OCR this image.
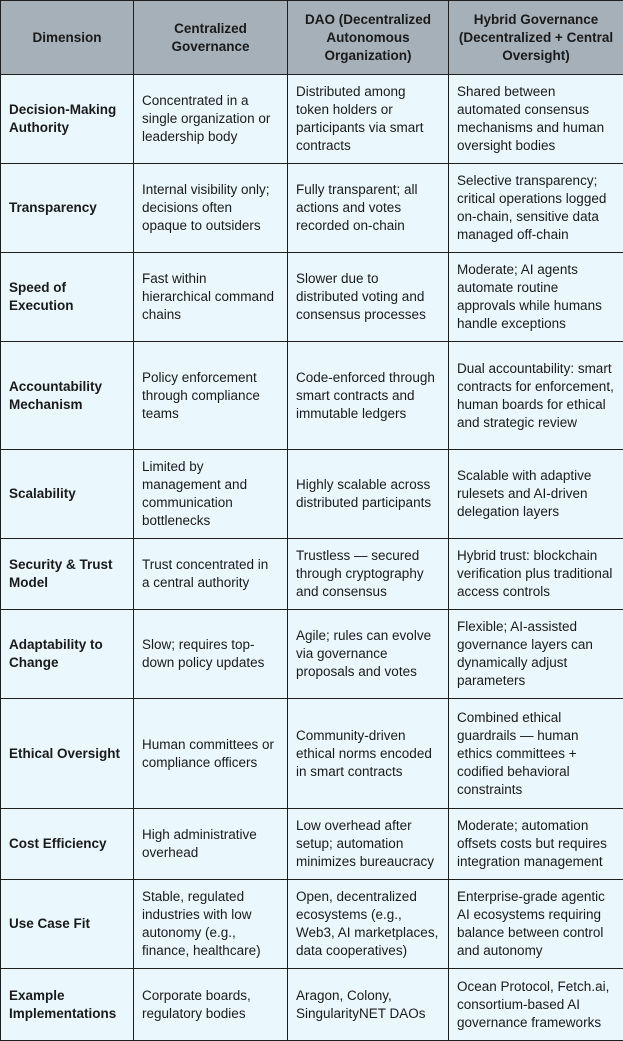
Dimension	Centralized Governance	DAO (Decentralized Autonomous Organization)	Hybrid Governance (Decentralized + Central Oversight)
Decision-Making Authority	Concentrated in a single organization or leadership body	Distributed among token holders or participants via smart contracts	Shared between automated consensus mechanisms and human oversight bodies
Transparency	Internal visibility only; decisions often opaque to outsiders	Fully transparent; all actions and votes recorded on-chain	Selective transparency; critical operations logged on-chain, sensitive data managed off-chain
Speed of Execution	Fast within hierarchical command chains	Slower due to distributed voting and consensus processes	Moderate; AI agents automate routine approvals while humans handle exceptions
Accountability Mechanism	Policy enforcement through compliance teams	Code-enforced through smart contracts and immutable ledgers	Dual accountability: smart contracts for enforcement, human boards for ethical and strategic review
Scalability	Limited by management and communication bottlenecks	Highly scalable across distributed participants	Scalable with adaptive rulesets and AI-driven delegation layers
Security & Trust Model	Trust concentrated in a central authority	Trustless — secured through cryptography and consensus	Hybrid trust: blockchain verification plus traditional access controls
Adaptability to Change	Slow; requires top-down policy updates	Agile; rules can evolve via governance proposals and votes	Flexible; AI-assisted governance layers can dynamically adjust parameters
Ethical Oversight	Human committees or compliance officers	Community-driven ethical norms encoded in smart contracts	Combined ethical guardrails — human ethics committees + codified behavioral constraints
Cost Efficiency	High administrative overhead	Low overhead after setup; automation minimizes bureaucracy	Moderate; automation offsets costs but requires integration management
Use Case Fit	Stable, regulated industries with low autonomy (e.g., finance, healthcare)	Open, decentralized ecosystems (e.g., Web3, AI marketplaces, data cooperatives)	Enterprise-grade agentic AI ecosystems requiring balance between control and autonomy
Example Implementations	Corporate boards, regulatory bodies	Aragon, Colony, SingularityNET DAOs	Ocean Protocol, Fetch.ai, consortium-based AI governance frameworks
